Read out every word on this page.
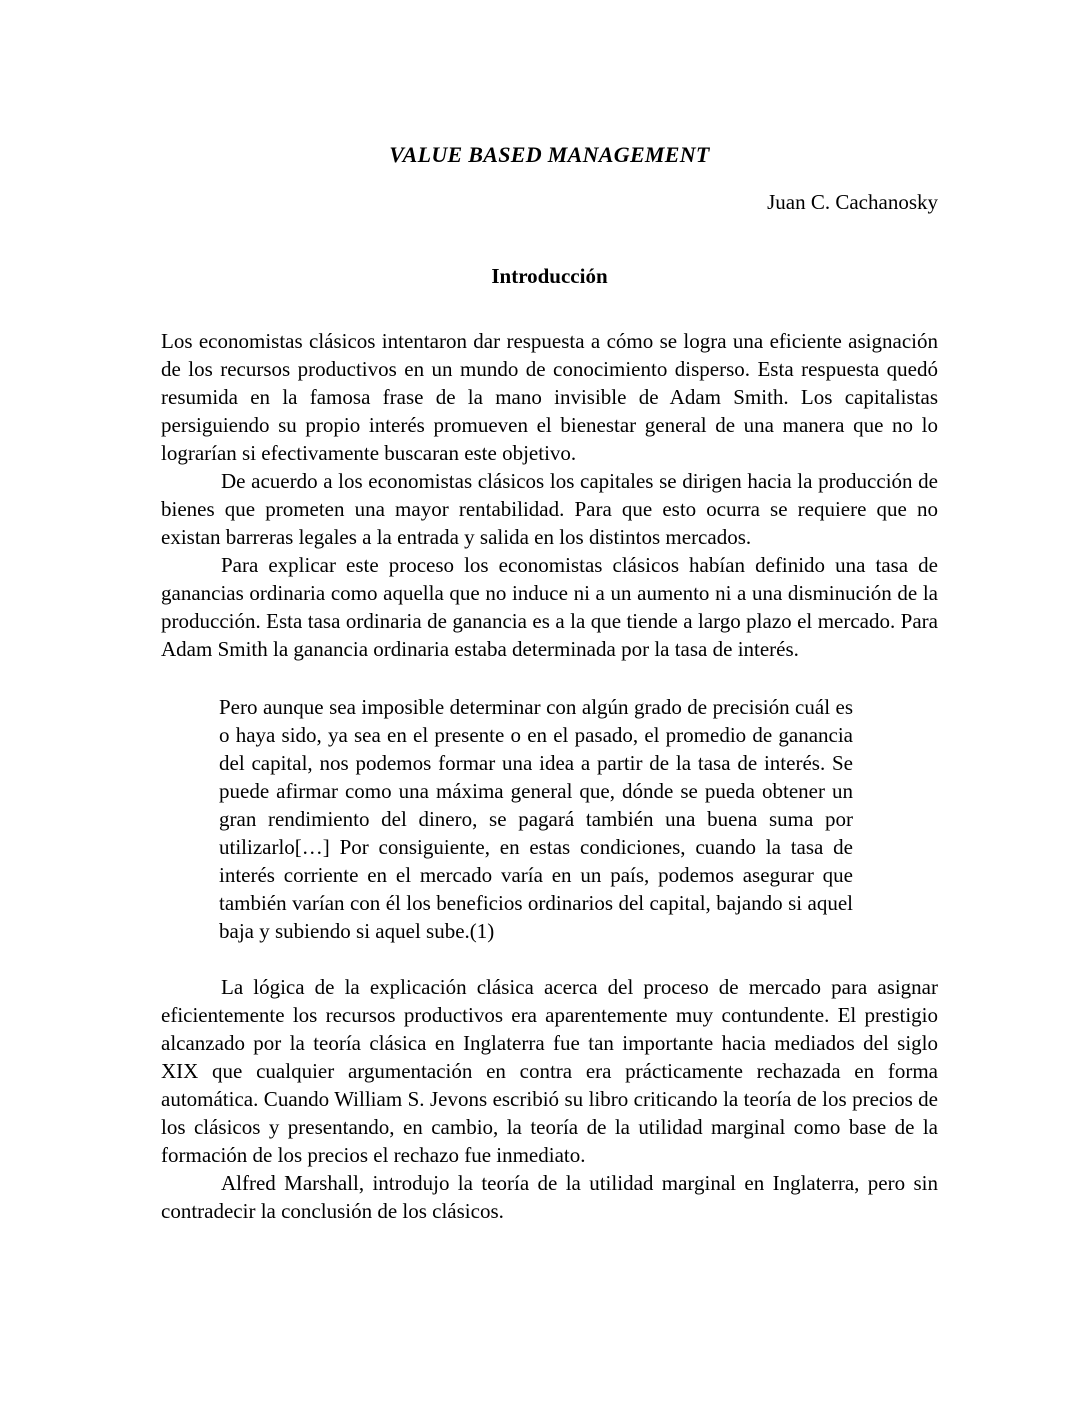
VALUE BASED MANAGEMENT
Juan C. Cachanosky
Introducción

Los economistas clásicos intentaron dar respuesta a cómo se logra una eficiente asignación de los recursos productivos en un mundo de conocimiento disperso. Esta respuesta quedó resumida en la famosa frase de la mano invisible de Adam Smith. Los capitalistas persiguiendo su propio interés promueven el bienestar general de una manera que no lo lograrían si efectivamente buscaran este objetivo.

De acuerdo a los economistas clásicos los capitales se dirigen hacia la producción de bienes que prometen una mayor rentabilidad. Para que esto ocurra se requiere que no existan barreras legales a la entrada y salida en los distintos mercados.

Para explicar este proceso los economistas clásicos habían definido una tasa de ganancias ordinaria como aquella que no induce ni a un aumento ni a una disminución de la producción. Esta tasa ordinaria de ganancia es a la que tiende a largo plazo el mercado. Para Adam Smith la ganancia ordinaria estaba determinada por la tasa de interés.

Pero aunque sea imposible determinar con algún grado de precisión cuál es o haya sido, ya sea en el presente o en el pasado, el promedio de ganancia del capital, nos podemos formar una idea a partir de la tasa de interés. Se puede afirmar como una máxima general que, dónde se pueda obtener un gran rendimiento del dinero, se pagará también una buena suma por utilizarlo[…] Por consiguiente, en estas condiciones, cuando la tasa de interés corriente en el mercado varía en un país, podemos asegurar que también varían con él los beneficios ordinarios del capital, bajando si aquel baja y subiendo si aquel sube.(1)

La lógica de la explicación clásica acerca del proceso de mercado para asignar eficientemente los recursos productivos era aparentemente muy contundente. El prestigio alcanzado por la teoría clásica en Inglaterra fue tan importante hacia mediados del siglo XIX que cualquier argumentación en contra era prácticamente rechazada en forma automática. Cuando William S. Jevons escribió su libro criticando la teoría de los precios de los clásicos y presentando, en cambio, la teoría de la utilidad marginal como base de la formación de los precios el rechazo fue inmediato.

Alfred Marshall, introdujo la teoría de la utilidad marginal en Inglaterra, pero sin contradecir la conclusión de los clásicos.
